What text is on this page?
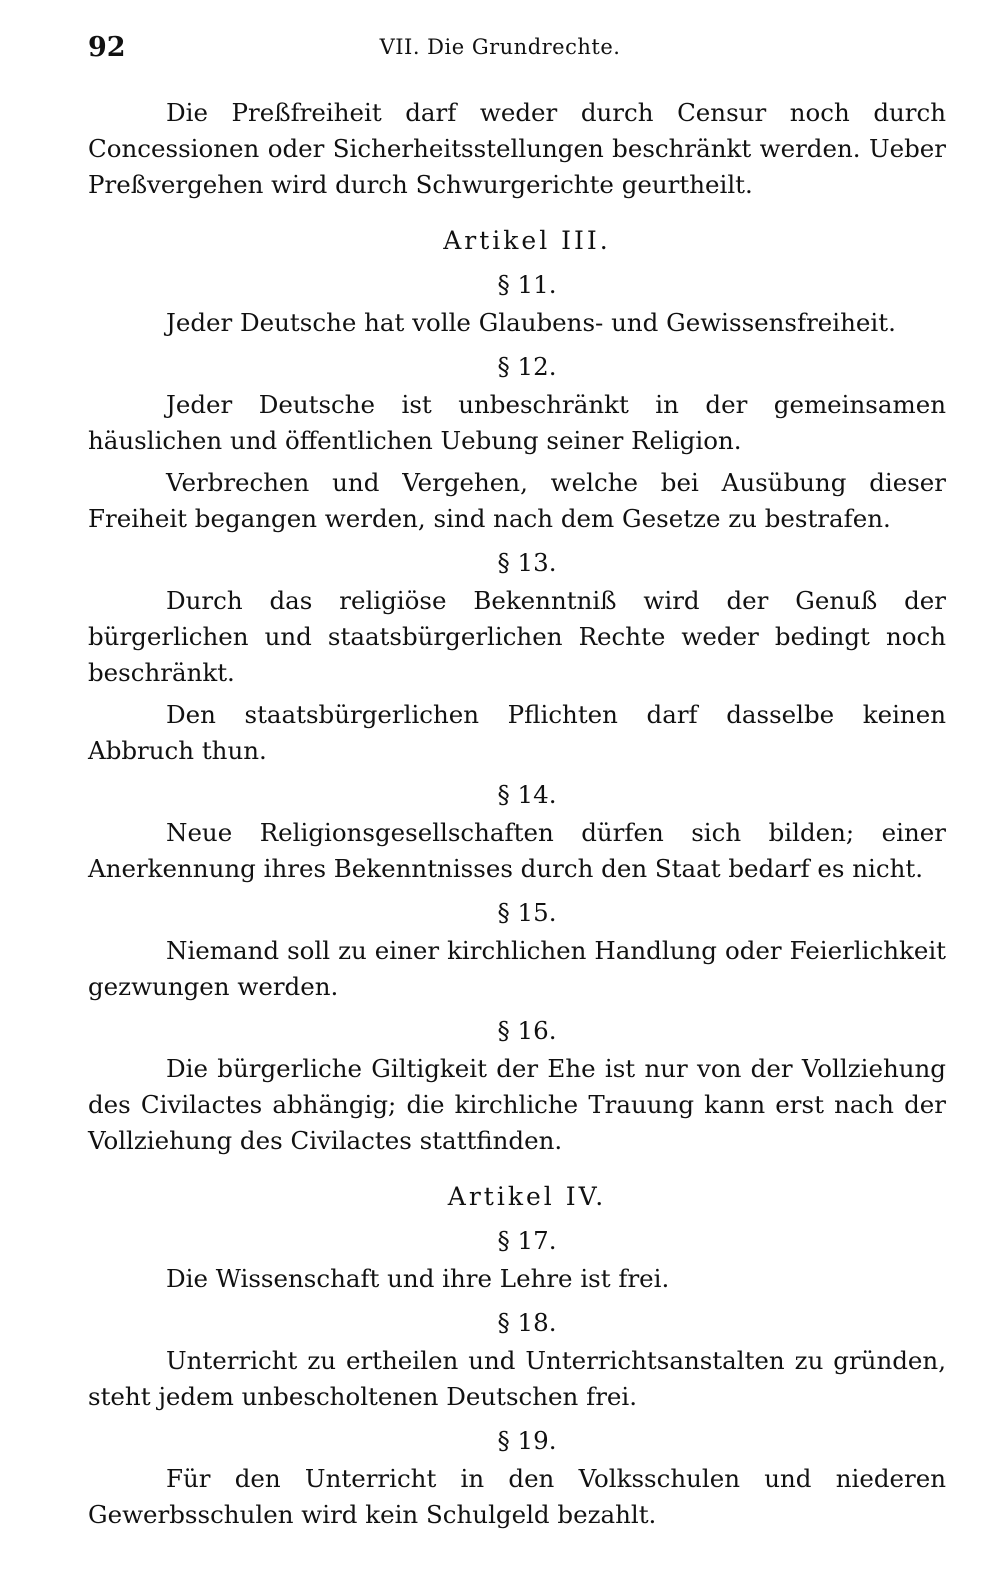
92	VII. Die Grundrechte.

Die Preßfreiheit darf weder durch Censur noch durch Concessionen oder Sicherheitsstellungen beschränkt werden. Ueber Preßvergehen wird durch Schwurgerichte geurtheilt.

Artikel III.

§ 11.

Jeder Deutsche hat volle Glaubens- und Gewissensfreiheit.

§ 12.

Jeder Deutsche ist unbeschränkt in der gemeinsamen häuslichen und öffentlichen Uebung seiner Religion.

Verbrechen und Vergehen, welche bei Ausübung dieser Freiheit begangen werden, sind nach dem Gesetze zu bestrafen.

§ 13.

Durch das religiöse Bekenntniß wird der Genuß der bürgerlichen und staatsbürgerlichen Rechte weder bedingt noch beschränkt.

Den staatsbürgerlichen Pflichten darf dasselbe keinen Abbruch thun.

§ 14.

Neue Religionsgesellschaften dürfen sich bilden; einer Anerkennung ihres Bekenntnisses durch den Staat bedarf es nicht.

§ 15.

Niemand soll zu einer kirchlichen Handlung oder Feierlichkeit gezwungen werden.

§ 16.

Die bürgerliche Giltigkeit der Ehe ist nur von der Vollziehung des Civilactes abhängig; die kirchliche Trauung kann erst nach der Vollziehung des Civilactes stattfinden.

Artikel IV.

§ 17.

Die Wissenschaft und ihre Lehre ist frei.

§ 18.

Unterricht zu ertheilen und Unterrichtsanstalten zu gründen, steht jedem unbescholtenen Deutschen frei.

§ 19.

Für den Unterricht in den Volksschulen und niederen Gewerbsschulen wird kein Schulgeld bezahlt.
